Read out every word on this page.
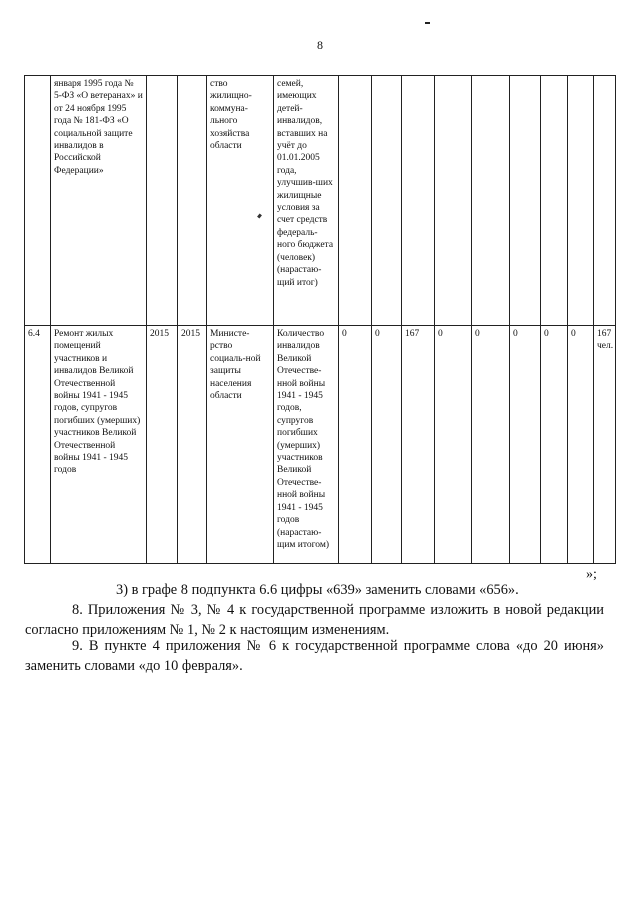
8
	января 1995 года № 5-ФЗ «О ветеранах» и от 24 ноября 1995 года № 181-ФЗ «О социальной защите инвалидов в Российской Федерации»			ство жилищно-коммуна-льного хозяйства области	семей, имеющих детей-инвалидов, вставших на учёт до 01.01.2005 года, улучшив-ших жилищные условия за счет средств федераль-ного бюджета (человек) (нарастаю-щий итог)									
6.4	Ремонт жилых помещений участников и инвалидов Великой Отечественной войны 1941 - 1945 годов, супругов погибших (умерших) участников Великой Отечественной войны 1941 - 1945 годов	2015	2015	Министе-рство социаль-ной защиты населения области	Количество инвалидов Великой Отечестве-нной войны 1941 - 1945 годов, супругов погибших (умерших) участников Великой Отечестве-нной войны 1941 - 1945 годов (нарастаю-щим итогом)	0	0	167	0	0	0	0	0	167 чел.
»;
3) в графе 8 подпункта 6.6 цифры «639» заменить словами «656».
8. Приложения № 3, № 4 к государственной программе изложить в новой редакции согласно приложениям № 1, № 2 к настоящим изменениям.
9. В пункте 4 приложения № 6 к государственной программе слова «до 20 июня» заменить словами «до 10 февраля».
